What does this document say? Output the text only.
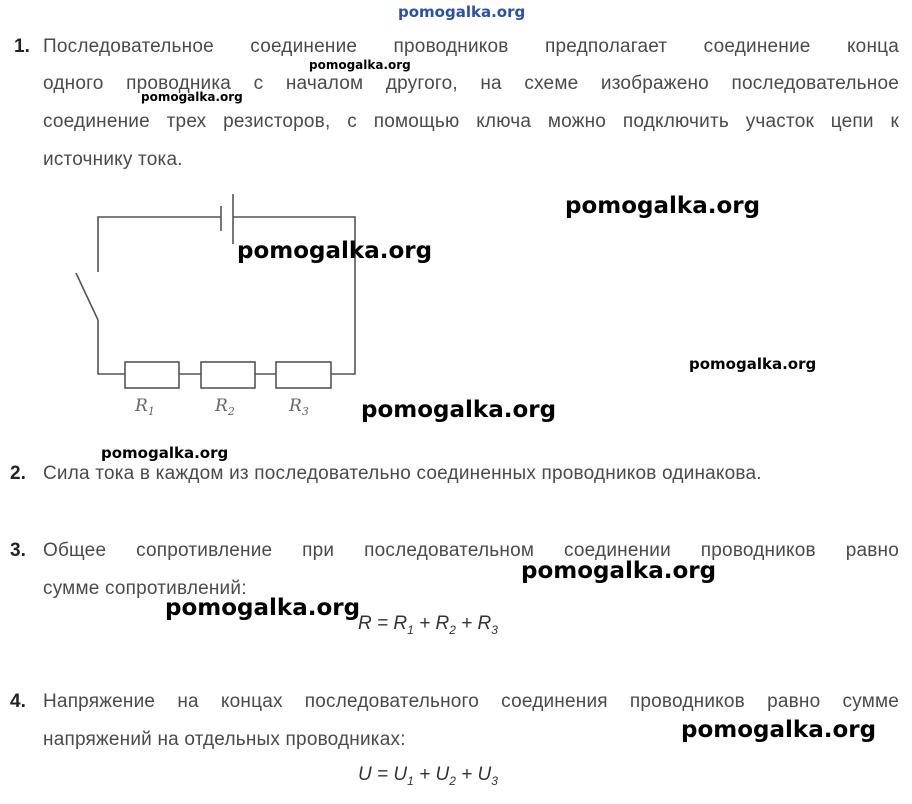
pomogalka.org
1. Последовательное соединение проводников предполагает соединение конца
одного проводника с началом другого, на схеме изображено последовательное
соединение трех резисторов, с помощью ключа можно подключить участок цепи к
источнику тока.
pomogalka.org
pomogalka.org
$R_1$	$R_2$	$R_3$
pomogalka.org
pomogalka.org
pomogalka.org
pomogalka.org
pomogalka.org
2. Сила тока в каждом из последовательно соединенных проводников одинакова.
3. Общее сопротивление при последовательном соединении проводников равно
сумме сопротивлений:
pomogalka.org
pomogalka.org
$R = R_1 + R_2 + R_3$
4. Напряжение на концах последовательного соединения проводников равно сумме
напряжений на отдельных проводниках:	pomogalka.org
$U = U_1 + U_2 + U_3$
